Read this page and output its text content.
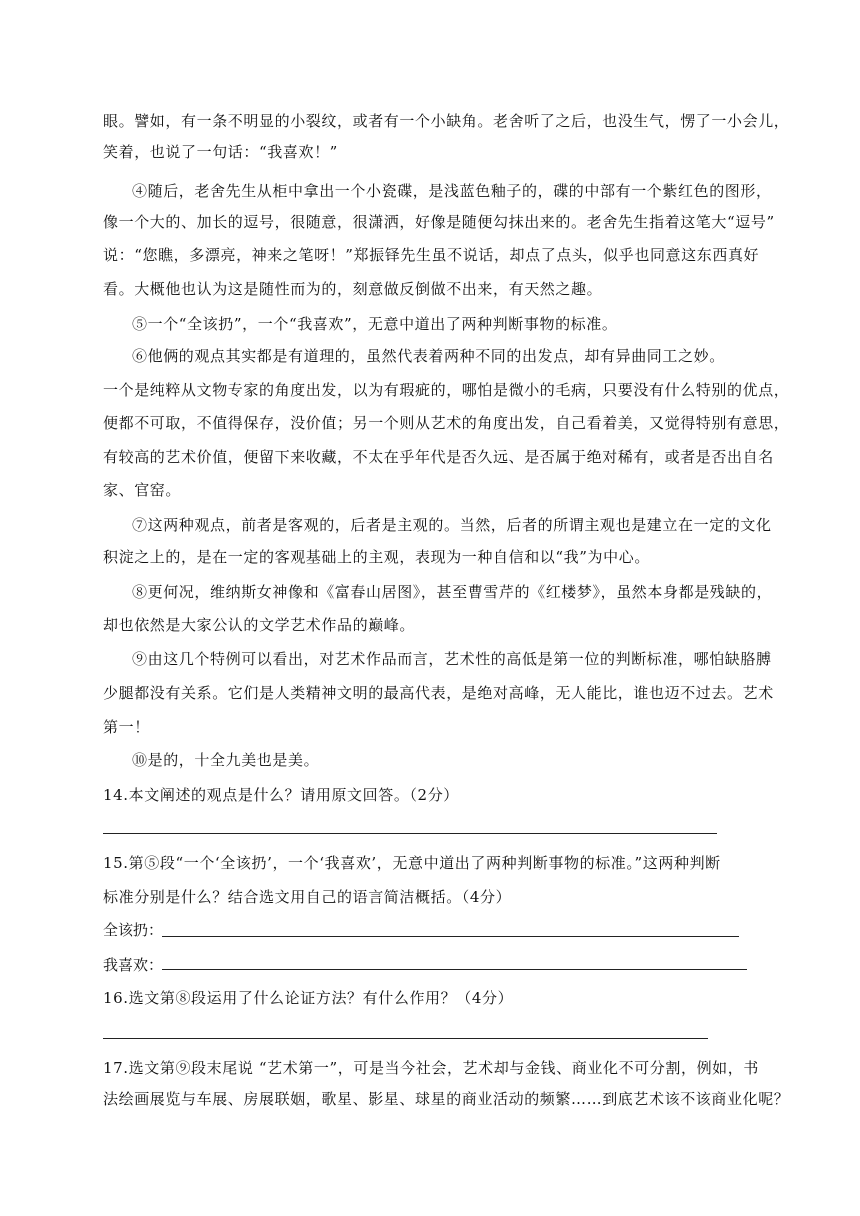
眼。譬如，有一条不明显的小裂纹，或者有一个小缺角。老舍听了之后，也没生气，愣了一小会儿，
笑着，也说了一句话：“我喜欢！”
④随后，老舍先生从柜中拿出一个小瓷碟，是浅蓝色釉子的，碟的中部有一个紫红色的图形，
像一个大的、加长的逗号，很随意，很潇洒，好像是随便勾抹出来的。老舍先生指着这笔大“逗号”
说：“您瞧，多漂亮，神来之笔呀！”郑振铎先生虽不说话，却点了点头，似乎也同意这东西真好
看。大概他也认为这是随性而为的，刻意做反倒做不出来，有天然之趣。
⑤一个“全该扔”，一个“我喜欢”，无意中道出了两种判断事物的标准。
⑥他俩的观点其实都是有道理的，虽然代表着两种不同的出发点，却有异曲同工之妙。
一个是纯粹从文物专家的角度出发，以为有瑕疵的，哪怕是微小的毛病，只要没有什么特别的优点，
便都不可取，不值得保存，没价值；另一个则从艺术的角度出发，自己看着美，又觉得特别有意思，
有较高的艺术价值，便留下来收藏，不太在乎年代是否久远、是否属于绝对稀有，或者是否出自名
家、官窑。
⑦这两种观点，前者是客观的，后者是主观的。当然，后者的所谓主观也是建立在一定的文化
积淀之上的，是在一定的客观基础上的主观，表现为一种自信和以“我”为中心。
⑧更何况，维纳斯女神像和《富春山居图》，甚至曹雪芹的《红楼梦》，虽然本身都是残缺的，
却也依然是大家公认的文学艺术作品的巅峰。
⑨由这几个特例可以看出，对艺术作品而言，艺术性的高低是第一位的判断标准，哪怕缺胳膊
少腿都没有关系。它们是人类精神文明的最高代表，是绝对高峰，无人能比，谁也迈不过去。艺术
第一！
⑩是的，十全九美也是美。
14.本文阐述的观点是什么？请用原文回答。（2分）
15.第⑤段“一个‘全该扔’，一个‘我喜欢’，无意中道出了两种判断事物的标准。”这两种判断
标准分别是什么？结合选文用自己的语言简洁概括。（4分）
全该扔：
我喜欢：
16.选文第⑧段运用了什么论证方法？有什么作用？（4分）
17.选文第⑨段末尾说 “艺术第一”，可是当今社会，艺术却与金钱、商业化不可分割，例如，书
法绘画展览与车展、房展联姻，歌星、影星、球星的商业活动的频繁……到底艺术该不该商业化呢？
